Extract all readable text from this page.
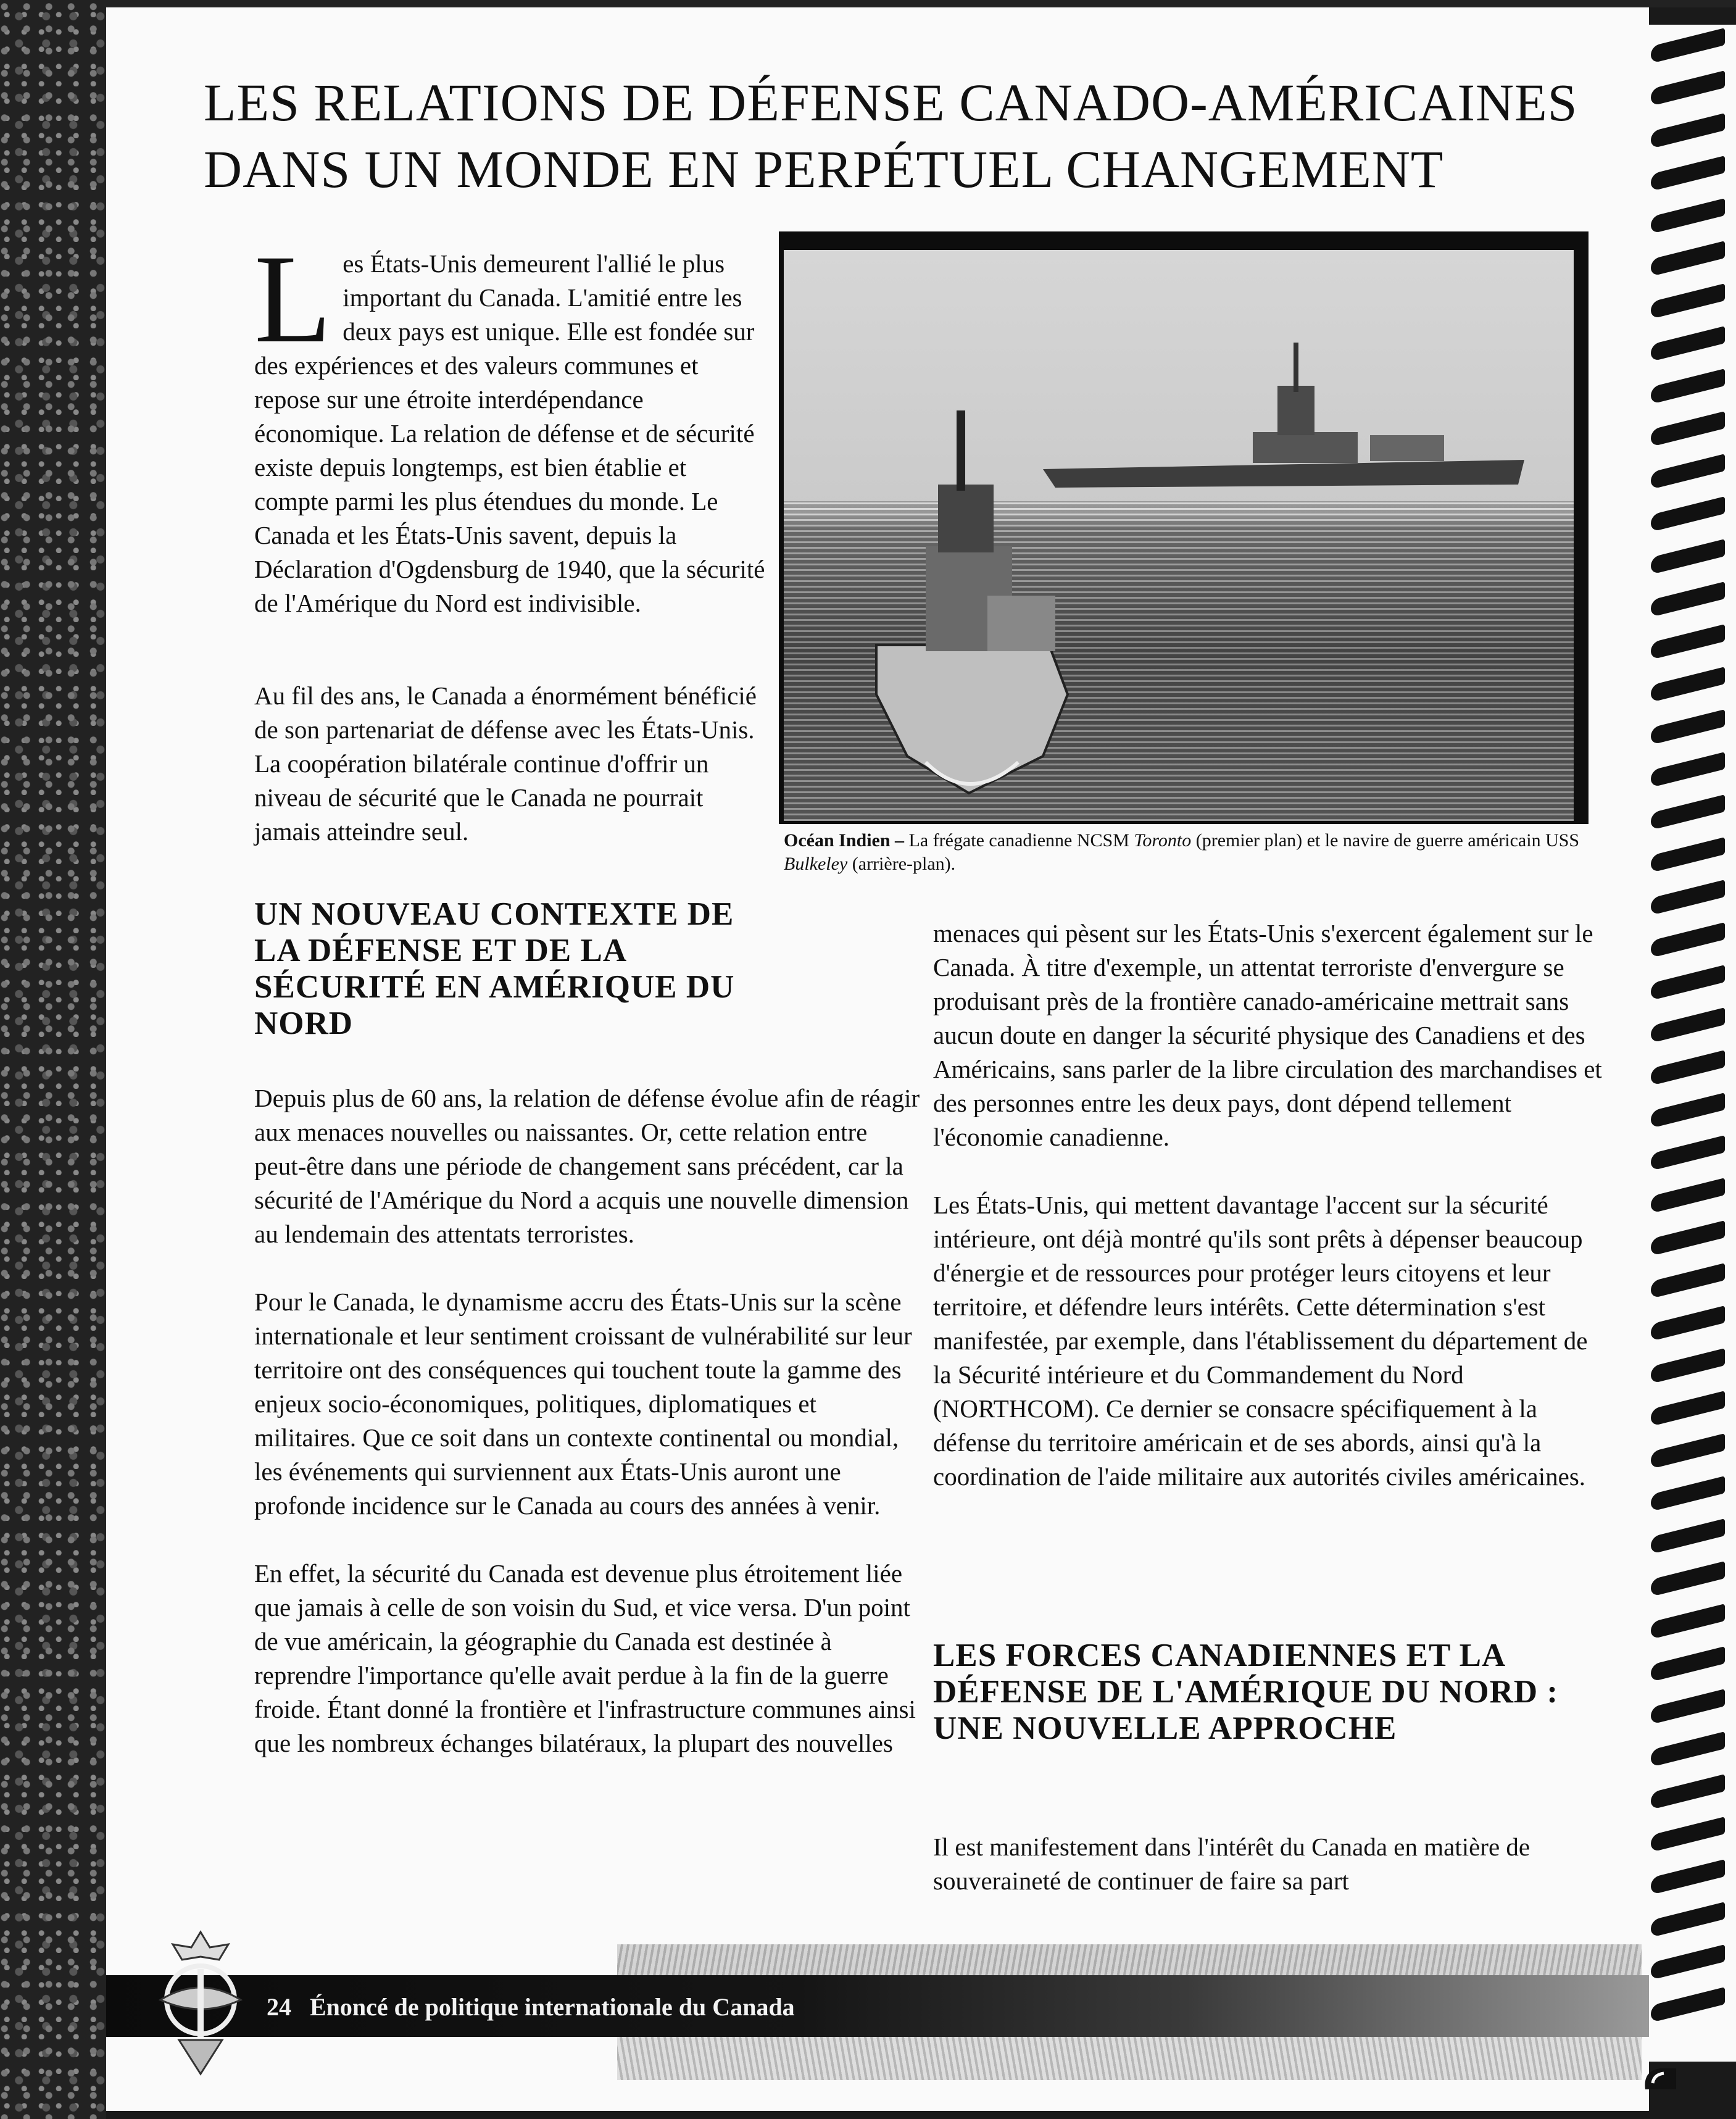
LES RELATIONS DE DÉFENSE CANADO-AMÉRICAINES
DANS UN MONDE EN PERPÉTUEL CHANGEMENT
Les États-Unis demeurent l'allié le plus important du Canada. L'amitié entre les deux pays est unique. Elle est fondée sur des expériences et des valeurs communes et repose sur une étroite interdépendance économique. La relation de défense et de sécurité existe depuis longtemps, est bien établie et compte parmi les plus étendues du monde. Le Canada et les États-Unis savent, depuis la Déclaration d'Ogdensburg de 1940, que la sécurité de l'Amérique du Nord est indivisible.

Au fil des ans, le Canada a énormément bénéficié de son partenariat de défense avec les États-Unis. La coopération bilatérale continue d'offrir un niveau de sécurité que le Canada ne pourrait jamais atteindre seul.	Océan Indien – La frégate canadienne NCSM Toronto (premier plan) et le navire de guerre américain USS Bulkeley (arrière-plan).
UN NOUVEAU CONTEXTE DE LA DÉFENSE ET DE LA SÉCURITÉ EN AMÉRIQUE DU NORD

Depuis plus de 60 ans, la relation de défense évolue afin de réagir aux menaces nouvelles ou naissantes. Or, cette relation entre peut-être dans une période de changement sans précédent, car la sécurité de l'Amérique du Nord a acquis une nouvelle dimension au lendemain des attentats terroristes.

Pour le Canada, le dynamisme accru des États-Unis sur la scène internationale et leur sentiment croissant de vulnérabilité sur leur territoire ont des conséquences qui touchent toute la gamme des enjeux socio-économiques, politiques, diplomatiques et militaires. Que ce soit dans un contexte continental ou mondial, les événements qui surviennent aux États-Unis auront une profonde incidence sur le Canada au cours des années à venir.

En effet, la sécurité du Canada est devenue plus étroitement liée que jamais à celle de son voisin du Sud, et vice versa. D'un point de vue américain, la géographie du Canada est destinée à reprendre l'importance qu'elle avait perdue à la fin de la guerre froide. Étant donné la frontière et l'infrastructure communes ainsi que les nombreux échanges bilatéraux, la plupart des nouvelles

menaces qui pèsent sur les États-Unis s'exercent également sur le Canada. À titre d'exemple, un attentat terroriste d'envergure se produisant près de la frontière canado-américaine mettrait sans aucun doute en danger la sécurité physique des Canadiens et des Américains, sans parler de la libre circulation des marchandises et des personnes entre les deux pays, dont dépend tellement l'économie canadienne.

Les États-Unis, qui mettent davantage l'accent sur la sécurité intérieure, ont déjà montré qu'ils sont prêts à dépenser beaucoup d'énergie et de ressources pour protéger leurs citoyens et leur territoire, et défendre leurs intérêts. Cette détermination s'est manifestée, par exemple, dans l'établissement du département de la Sécurité intérieure et du Commandement du Nord (NORTHCOM). Ce dernier se consacre spécifiquement à la défense du territoire américain et de ses abords, ainsi qu'à la coordination de l'aide militaire aux autorités civiles américaines.

LES FORCES CANADIENNES ET LA DÉFENSE DE L'AMÉRIQUE DU NORD : UNE NOUVELLE APPROCHE

Il est manifestement dans l'intérêt du Canada en matière de souveraineté de continuer de faire sa part

24 Énoncé de politique internationale du Canada
